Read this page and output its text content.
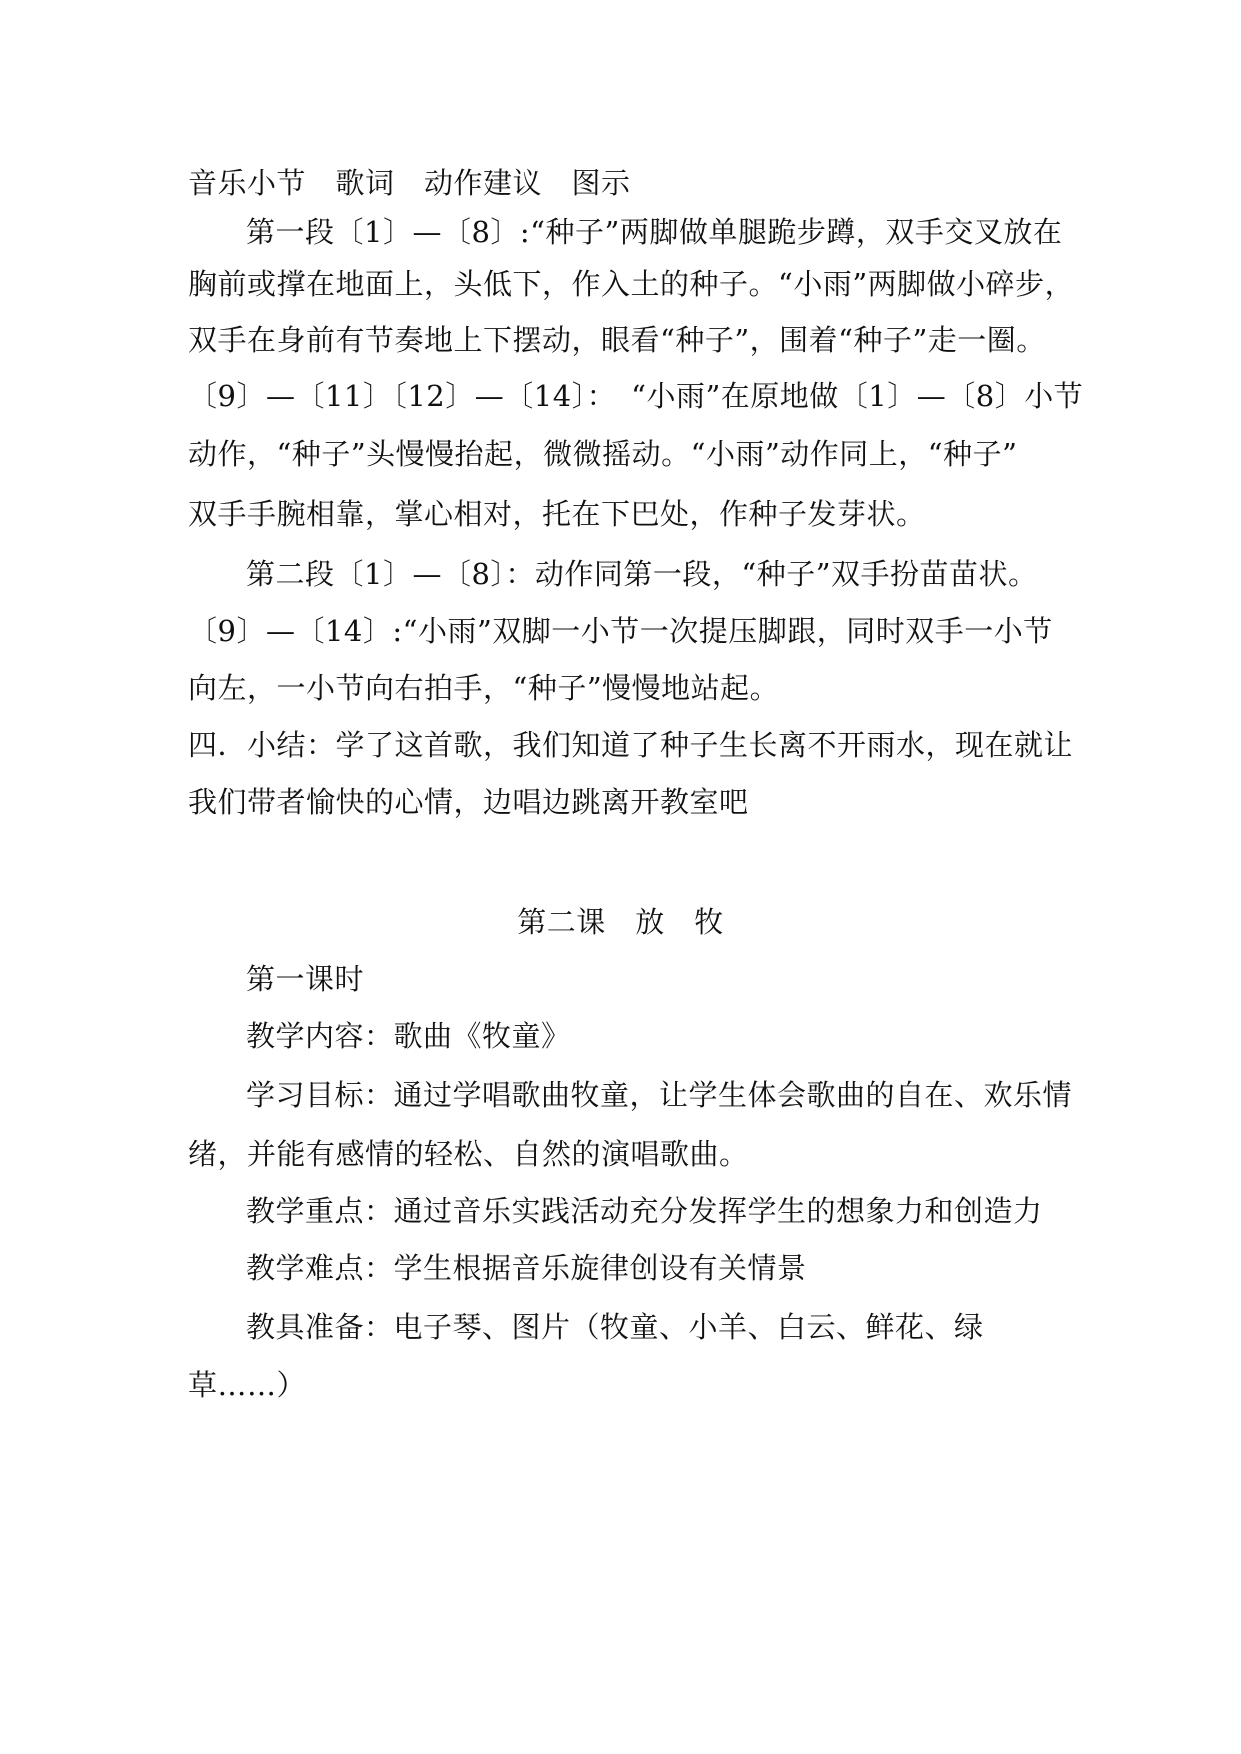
音乐小节　歌词　动作建议　图示
第一段〔1〕—〔8〕:“种子”两脚做单腿跪步蹲，双手交叉放在
胸前或撑在地面上，头低下，作入土的种子。“小雨”两脚做小碎步，
双手在身前有节奏地上下摆动，眼看“种子”，围着“种子”走一圈。
〔9〕—〔11〕〔12〕—〔14〕：　“小雨”在原地做〔1〕—〔8〕小节
动作，“种子”头慢慢抬起，微微摇动。“小雨”动作同上，“种子”
双手手腕相靠，掌心相对，托在下巴处，作种子发芽状。
第二段〔1〕—〔8〕：动作同第一段，“种子”双手扮苗苗状。
〔9〕—〔14〕:“小雨”双脚一小节一次提压脚跟，同时双手一小节
向左，一小节向右拍手，“种子”慢慢地站起。
四．小结：学了这首歌，我们知道了种子生长离不开雨水，现在就让
我们带者愉快的心情，边唱边跳离开教室吧
第二课　放　牧
第一课时
教学内容：歌曲《牧童》
学习目标：通过学唱歌曲牧童，让学生体会歌曲的自在、欢乐情
绪，并能有感情的轻松、自然的演唱歌曲。
教学重点：通过音乐实践活动充分发挥学生的想象力和创造力
教学难点：学生根据音乐旋律创设有关情景
教具准备：电子琴、图片（牧童、小羊、白云、鲜花、绿
草……）
